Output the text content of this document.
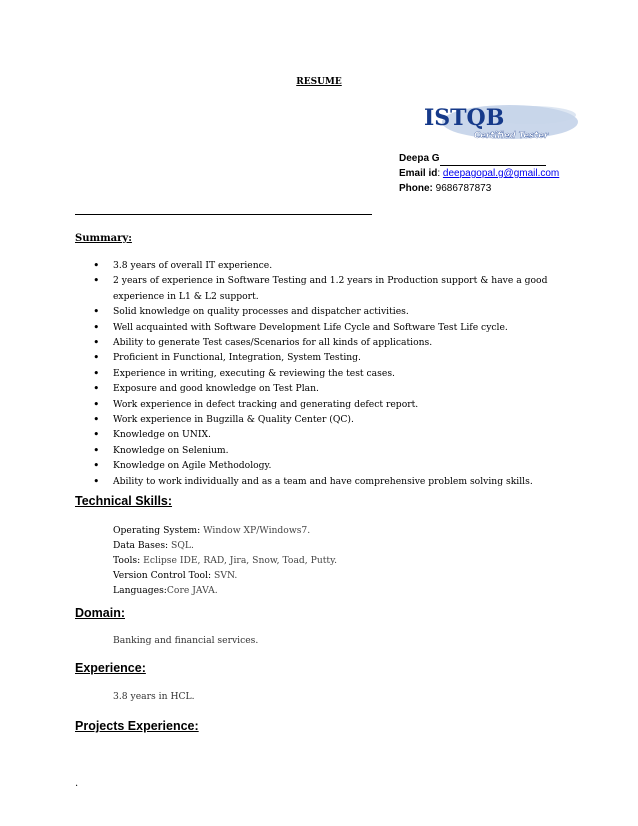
RESUME
ISTQB
Certified Tester
Deepa G
Email id: deepagopal.g@gmail.com
Phone: 9686787873
Summary:
• 3.8 years of overall IT experience.
• 2 years of experience in Software Testing and 1.2 years in Production support & have a good experience in L1 & L2 support.
• Solid knowledge on quality processes and dispatcher activities.
• Well acquainted with Software Development Life Cycle and Software Test Life cycle.
• Ability to generate Test cases/Scenarios for all kinds of applications.
• Proficient in Functional, Integration, System Testing.
• Experience in writing, executing & reviewing the test cases.
• Exposure and good knowledge on Test Plan.
• Work experience in defect tracking and generating defect report.
• Work experience in Bugzilla & Quality Center (QC).
• Knowledge on UNIX.
• Knowledge on Selenium.
• Knowledge on Agile Methodology.
• Ability to work individually and as a team and have comprehensive problem solving skills.
Technical Skills:
Operating System: Window XP/Windows7.
Data Bases: SQL.
Tools: Eclipse IDE, RAD, Jira, Snow, Toad, Putty.
Version Control Tool: SVN.
Languages:Core JAVA.
Domain:
Banking and financial services.
Experience:
3.8 years in HCL.
Projects Experience:
.
